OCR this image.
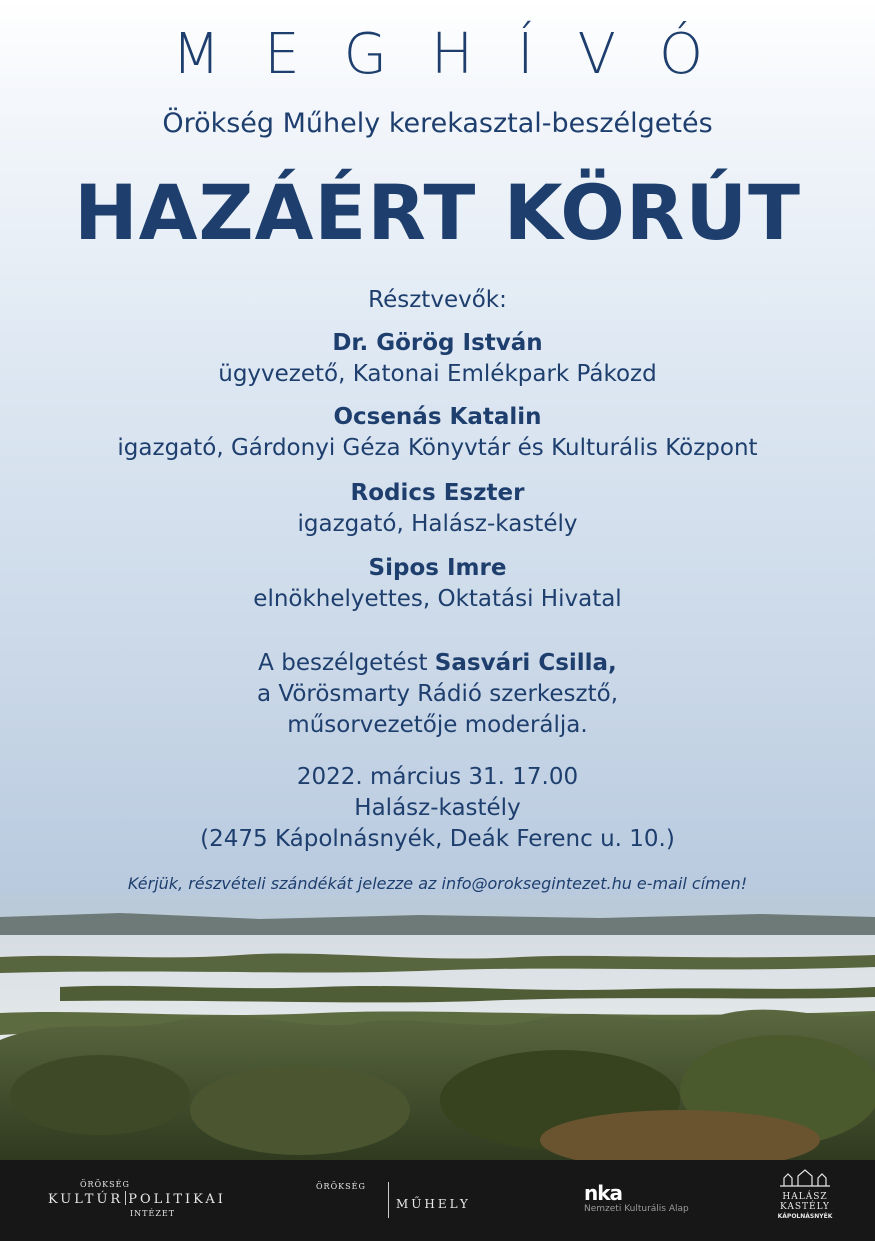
MEGHÍVÓ
Örökség Műhely kerekasztal-beszélgetés
HAZÁÉRT KÖRÚT
Résztvevők:
Dr. Görög István
ügyvezető, Katonai Emlékpark Pákozd
Ocsenás Katalin
igazgató, Gárdonyi Géza Könyvtár és Kulturális Központ
Rodics Eszter
igazgató, Halász-kastély
Sipos Imre
elnökhelyettes, Oktatási Hivatal
A beszélgetést Sasvári Csilla,
a Vörösmarty Rádió szerkesztő,
műsorvezetője moderálja.
2022. március 31. 17.00
Halász-kastély
(2475 Kápolnásnyék, Deák Ferenc u. 10.)
Kérjük, részvételi szándékát jelezze az info@oroksegintezet.hu e-mail címen!
ÖRÖKSÉG
KULTÚR POLITIKAI
INTÉZET
ÖRÖKSÉG
MŰHELY	nka
Nemzeti Kulturális Alap
HALÁSZ
KASTÉLY
KÁPOLNÁSNYÉK
